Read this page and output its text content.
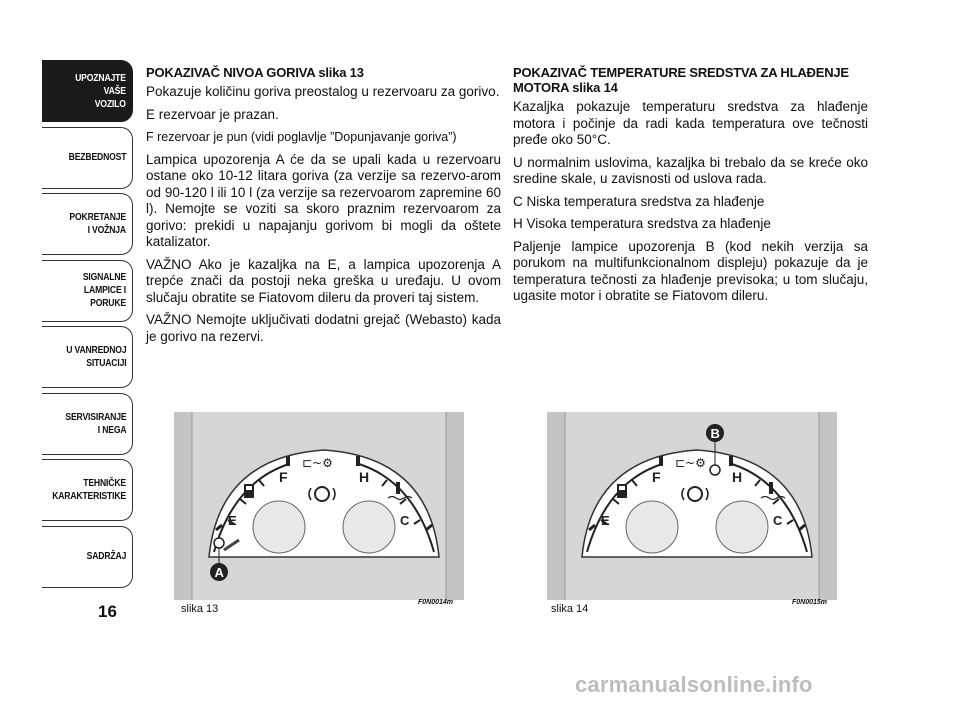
UPOZNAJTE
VAŠE
VOZILO
BEZBEDNOST
POKRETANJE
I VOŽNJA
SIGNALNE
LAMPICE I PORUKE
U VANREDNOJ
SITUACIJI
SERVISIRANJE
I NEGA
TEHNIČKE
KARAKTERISTIKE
SADRŽAJ
16
POKAZIVAČ NIVOA GORIVA slika 13

Pokazuje količinu goriva preostalog u rezervoaru za gorivo.

E rezervoar je prazan.

F rezervoar je pun (vidi poglavlje ”Dopunjavanje goriva”)

Lampica upozorenja A će da se upali kada u rezervoaru ostane oko 10-12 litara goriva (za verzije sa rezervo-arom od 90-120 l ili 10 l (za verzije sa rezervoarom zapremine 60 l). Nemojte se voziti sa skoro praznim rezervoarom za gorivo: prekidi u napajanju gorivom bi mogli da oštete katalizator.

VAŽNO Ako je kazaljka na E, a lampica upozorenja A trepće znači da postoji neka greška u uređaju. U ovom slučaju obratite se Fiatovom dileru da proveri taj sistem.

VAŽNO Nemojte uključivati dodatni grejač (Webasto) kada je gorivo na rezervi.

POKAZIVAČ TEMPERATURE SREDSTVA ZA HLAĐENJE MOTORA slika 14

Kazaljka pokazuje temperaturu sredstva za hlađenje motora i počinje da radi kada temperatura ove tečnosti pređe oko 50°C.

U normalnim uslovima, kazaljka bi trebalo da se kreće oko sredine skale, u zavisnosti od uslova rada.

C Niska temperatura sredstva za hlađenje

H Visoka temperatura sredstva za hlađenje

Paljenje lampice upozorenja B (kod nekih verzija sa porukom na multifunkcionalnom displeju) pokazuje da je temperatura tečnosti za hlađenje previsoka; u tom slučaju, ugasite motor i obratite se Fiatovom dileru.

F	H
E	C
⊏~⚙
A
slika 13
F0N0014m
F	H
E	C
⊏~⚙
B
slika 14
F0N0015m
carmanualsonline.info
